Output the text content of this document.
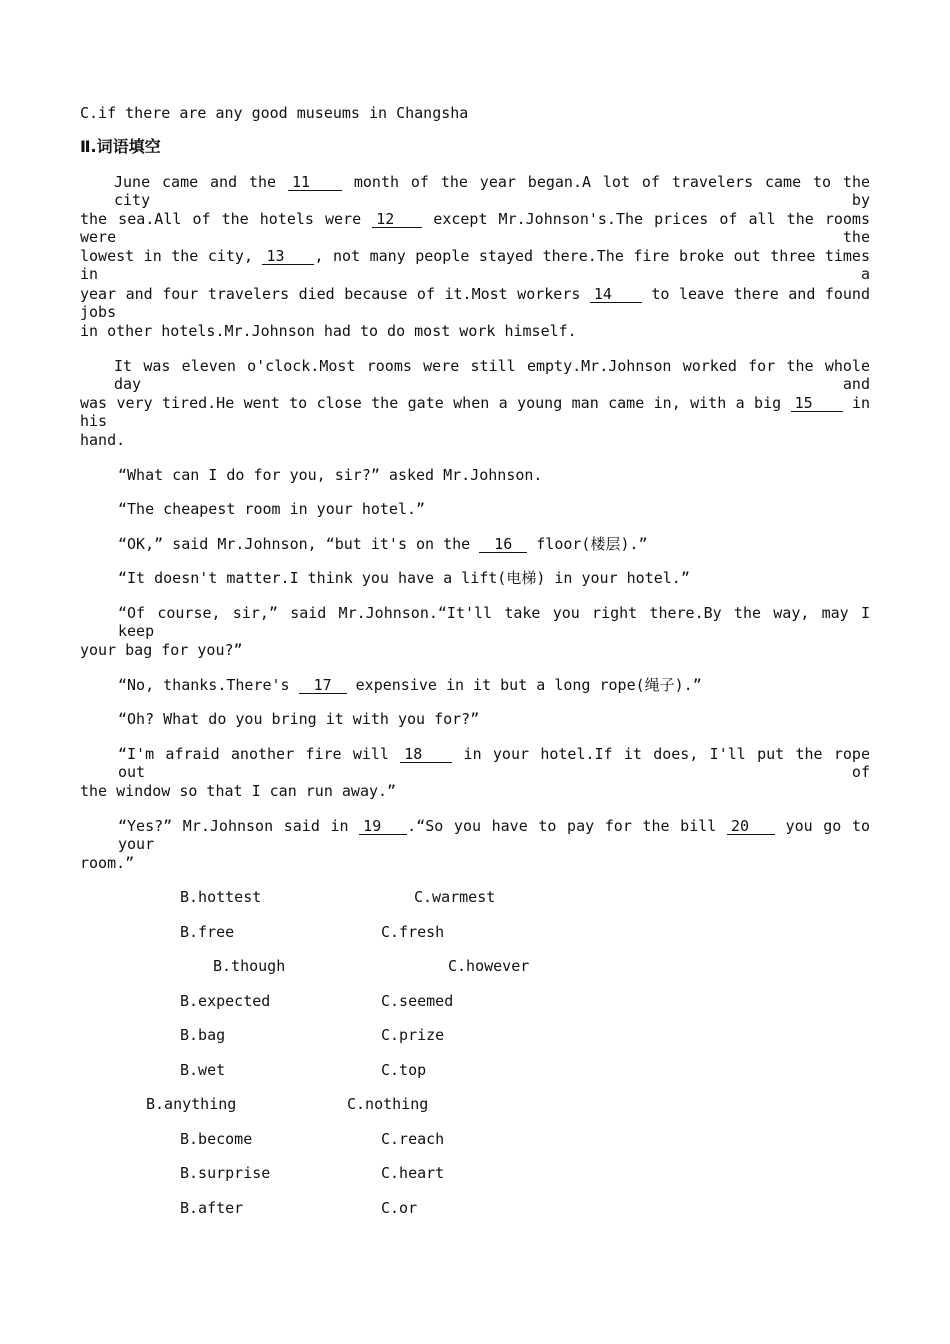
C.if there are any good museums in Changsha
Ⅱ.词语填空
June came and the 11	month of the year began.A lot of travelers came to the city by
the sea.All of the hotels were 12	except Mr.Johnson's.The prices of all the rooms were the
lowest in the city, 13 , not many people stayed there.The fire broke out three times in a
year and four travelers died because of it.Most workers 14	to leave there and found jobs
in other hotels.Mr.Johnson had to do most work himself.
It was eleven o'clock.Most rooms were still empty.Mr.Johnson worked for the whole day and
was very tired.He went to close the gate when a young man came in, with a big 15	in his
hand.
“What can I do for you, sir?” asked Mr.Johnson.
“The cheapest room in your hotel.”
“OK,” said Mr.Johnson, “but it's on the 16 floor(楼层).”
“It doesn't matter.I think you have a lift(电梯) in your hotel.”
“Of course, sir,” said Mr.Johnson.“It'll take you right there.By the way, may I keep
your bag for you?”
“No, thanks.There's 17 expensive in it but a long rope(绳子).”
“Oh? What do you bring it with you for?”
“I'm afraid another fire will 18	in your hotel.If it does, I'll put the rope out of
the window so that I can run away.”
“Yes?” Mr.Johnson said in 19 .“So you have to pay for the bill 20 you go to your
room.”
B.hottest	C.warmest
B.free	C.fresh
B.though	C.however
B.expected	C.seemed
B.bag	C.prize
B.wet	C.top
B.anything	C.nothing
B.become	C.reach
B.surprise	C.heart
B.after	C.or
